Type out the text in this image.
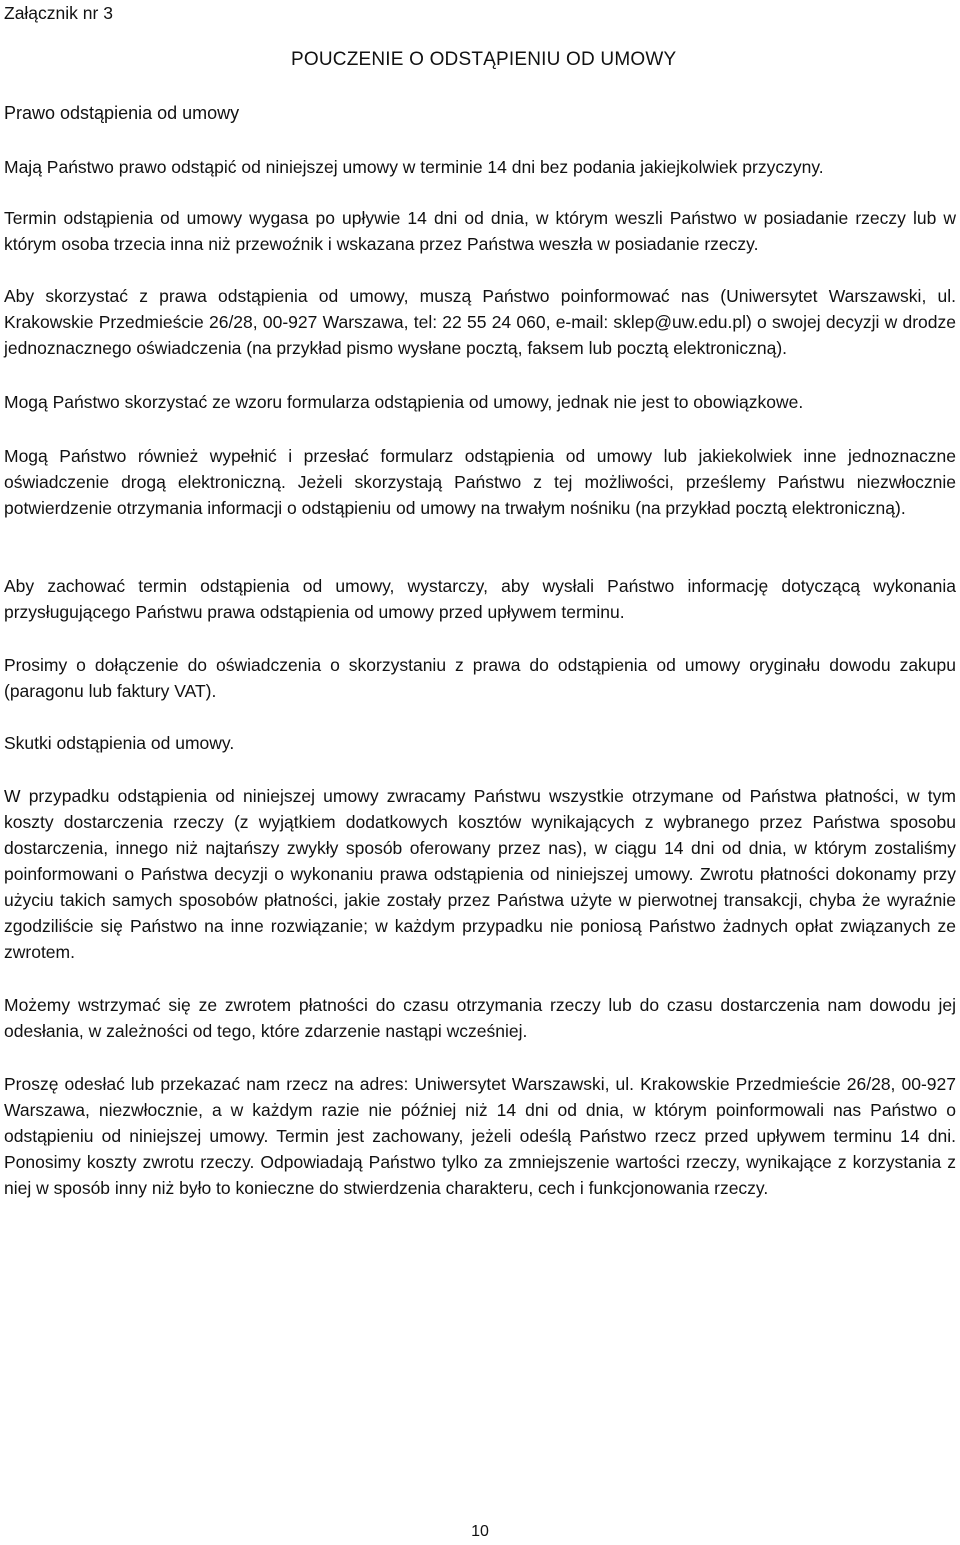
Załącznik nr 3
POUCZENIE O ODSTĄPIENIU OD UMOWY
Prawo odstąpienia od umowy
Mają Państwo prawo odstąpić od niniejszej umowy w terminie 14 dni bez podania jakiejkolwiek przyczyny.
Termin odstąpienia od umowy wygasa po upływie 14 dni od dnia, w którym weszli Państwo w posiadanie rzeczy lub w którym osoba trzecia inna niż przewoźnik i wskazana przez Państwa weszła w posiadanie rzeczy.
Aby skorzystać z prawa odstąpienia od umowy, muszą Państwo poinformować nas (Uniwersytet Warszawski, ul. Krakowskie Przedmieście 26/28, 00-927 Warszawa, tel: 22 55 24 060, e-mail: sklep@uw.edu.pl) o swojej decyzji w drodze jednoznacznego oświadczenia (na przykład pismo wysłane pocztą, faksem lub pocztą elektroniczną).
Mogą Państwo skorzystać ze wzoru formularza odstąpienia od umowy, jednak nie jest to obowiązkowe.
Mogą Państwo również wypełnić i przesłać formularz odstąpienia od umowy lub jakiekolwiek inne jednoznaczne oświadczenie drogą elektroniczną. Jeżeli skorzystają Państwo z tej możliwości, prześlemy Państwu niezwłocznie potwierdzenie otrzymania informacji o odstąpieniu od umowy na trwałym nośniku (na przykład pocztą elektroniczną).
Aby zachować termin odstąpienia od umowy, wystarczy, aby wysłali Państwo informację dotyczącą wykonania przysługującego Państwu prawa odstąpienia od umowy przed upływem terminu.
Prosimy o dołączenie do oświadczenia o skorzystaniu z prawa do odstąpienia od umowy oryginału dowodu zakupu (paragonu lub faktury VAT).
Skutki odstąpienia od umowy.
W przypadku odstąpienia od niniejszej umowy zwracamy Państwu wszystkie otrzymane od Państwa płatności, w tym koszty dostarczenia rzeczy (z wyjątkiem dodatkowych kosztów wynikających z wybranego przez Państwa sposobu dostarczenia, innego niż najtańszy zwykły sposób oferowany przez nas), w ciągu 14 dni od dnia, w którym zostaliśmy poinformowani o Państwa decyzji o wykonaniu prawa odstąpienia od niniejszej umowy. Zwrotu płatności dokonamy przy użyciu takich samych sposobów płatności, jakie zostały przez Państwa użyte w pierwotnej transakcji, chyba że wyraźnie zgodziliście się Państwo na inne rozwiązanie; w każdym przypadku nie poniosą Państwo żadnych opłat związanych ze zwrotem.
Możemy wstrzymać się ze zwrotem płatności do czasu otrzymania rzeczy lub do czasu dostarczenia nam dowodu jej odesłania, w zależności od tego, które zdarzenie nastąpi wcześniej.
Proszę odesłać lub przekazać nam rzecz na adres: Uniwersytet Warszawski, ul. Krakowskie Przedmieście 26/28, 00-927 Warszawa, niezwłocznie, a w każdym razie nie później niż 14 dni od dnia, w którym poinformowali nas Państwo o odstąpieniu od niniejszej umowy. Termin jest zachowany, jeżeli odeślą Państwo rzecz przed upływem terminu 14 dni. Ponosimy koszty zwrotu rzeczy. Odpowiadają Państwo tylko za zmniejszenie wartości rzeczy, wynikające z korzystania z niej w sposób inny niż było to konieczne do stwierdzenia charakteru, cech i funkcjonowania rzeczy.
10
